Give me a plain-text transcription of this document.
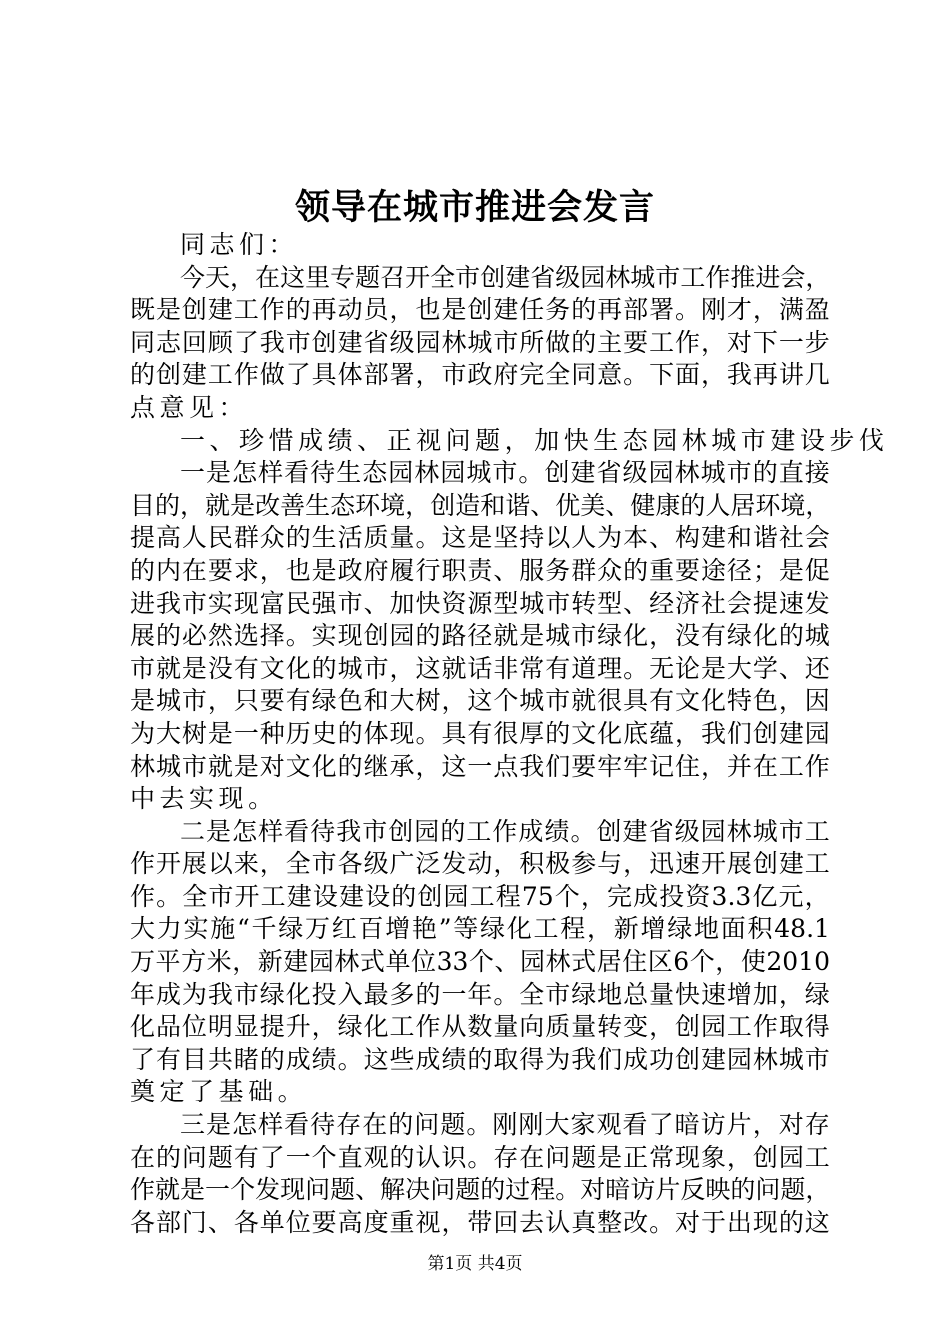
领导在城市推进会发言
同 志 们 ：
今 天 ， 在 这 里 专 题 召 开 全 市 创 建 省 级 园 林 城 市 工 作 推 进 会 ，
既 是 创 建 工 作 的 再 动 员 ， 也 是 创 建 任 务 的 再 部 署 。 刚 才 ， 满 盈
同 志 回 顾 了 我 市 创 建 省 级 园 林 城 市 所 做 的 主 要 工 作 ， 对 下 一 步
的 创 建 工 作 做 了 具 体 部 署 ， 市 政 府 完 全 同 意 。 下 面 ， 我 再 讲 几
点 意 见 ：
一 、 珍 惜 成 绩 、 正 视 问 题 ， 加 快 生 态 园 林 城 市 建 设 步 伐
一 是 怎 样 看 待 生 态 园 林 园 城 市 。 创 建 省 级 园 林 城 市 的 直 接
目 的 ， 就 是 改 善 生 态 环 境 ， 创 造 和 谐 、 优 美 、 健 康 的 人 居 环 境 ，
提 高 人 民 群 众 的 生 活 质 量 。 这 是 坚 持 以 人 为 本 、 构 建 和 谐 社 会
的 内 在 要 求 ， 也 是 政 府 履 行 职 责 、 服 务 群 众 的 重 要 途 径 ； 是 促
进 我 市 实 现 富 民 强 市 、 加 快 资 源 型 城 市 转 型 、 经 济 社 会 提 速 发
展 的 必 然 选 择 。 实 现 创 园 的 路 径 就 是 城 市 绿 化 ， 没 有 绿 化 的 城
市 就 是 没 有 文 化 的 城 市 ， 这 就 话 非 常 有 道 理 。 无 论 是 大 学 、 还
是 城 市 ， 只 要 有 绿 色 和 大 树 ， 这 个 城 市 就 很 具 有 文 化 特 色 ， 因
为 大 树 是 一 种 历 史 的 体 现 。 具 有 很 厚 的 文 化 底 蕴 ， 我 们 创 建 园
林 城 市 就 是 对 文 化 的 继 承 ， 这 一 点 我 们 要 牢 牢 记 住 ， 并 在 工 作
中 去 实 现 。
二 是 怎 样 看 待 我 市 创 园 的 工 作 成 绩 。 创 建 省 级 园 林 城 市 工
作 开 展 以 来 ， 全 市 各 级 广 泛 发 动 ， 积 极 参 与 ， 迅 速 开 展 创 建 工
作 。 全 市 开 工 建 设 建 设 的 创 园 工 程 75 个 ， 完 成 投 资 3.3 亿 元 ，
大 力 实 施 “ 千 绿 万 红 百 增 艳 ” 等 绿 化 工 程 ， 新 增 绿 地 面 积 48.1
万 平 方 米 ， 新 建 园 林 式 单 位 33 个 、 园 林 式 居 住 区 6 个 ， 使 2010
年 成 为 我 市 绿 化 投 入 最 多 的 一 年 。 全 市 绿 地 总 量 快 速 增 加 ， 绿
化 品 位 明 显 提 升 ， 绿 化 工 作 从 数 量 向 质 量 转 变 ， 创 园 工 作 取 得
了 有 目 共 睹 的 成 绩 。 这 些 成 绩 的 取 得 为 我 们 成 功 创 建 园 林 城 市
奠 定 了 基 础 。
三 是 怎 样 看 待 存 在 的 问 题 。 刚 刚 大 家 观 看 了 暗 访 片 ， 对 存
在 的 问 题 有 了 一 个 直 观 的 认 识 。 存 在 问 题 是 正 常 现 象 ， 创 园 工
作 就 是 一 个 发 现 问 题 、 解 决 问 题 的 过 程 。 对 暗 访 片 反 映 的 问 题 ，
各 部 门 、 各 单 位 要 高 度 重 视 ， 带 回 去 认 真 整 改 。 对 于 出 现 的 这
第1页 共4页
